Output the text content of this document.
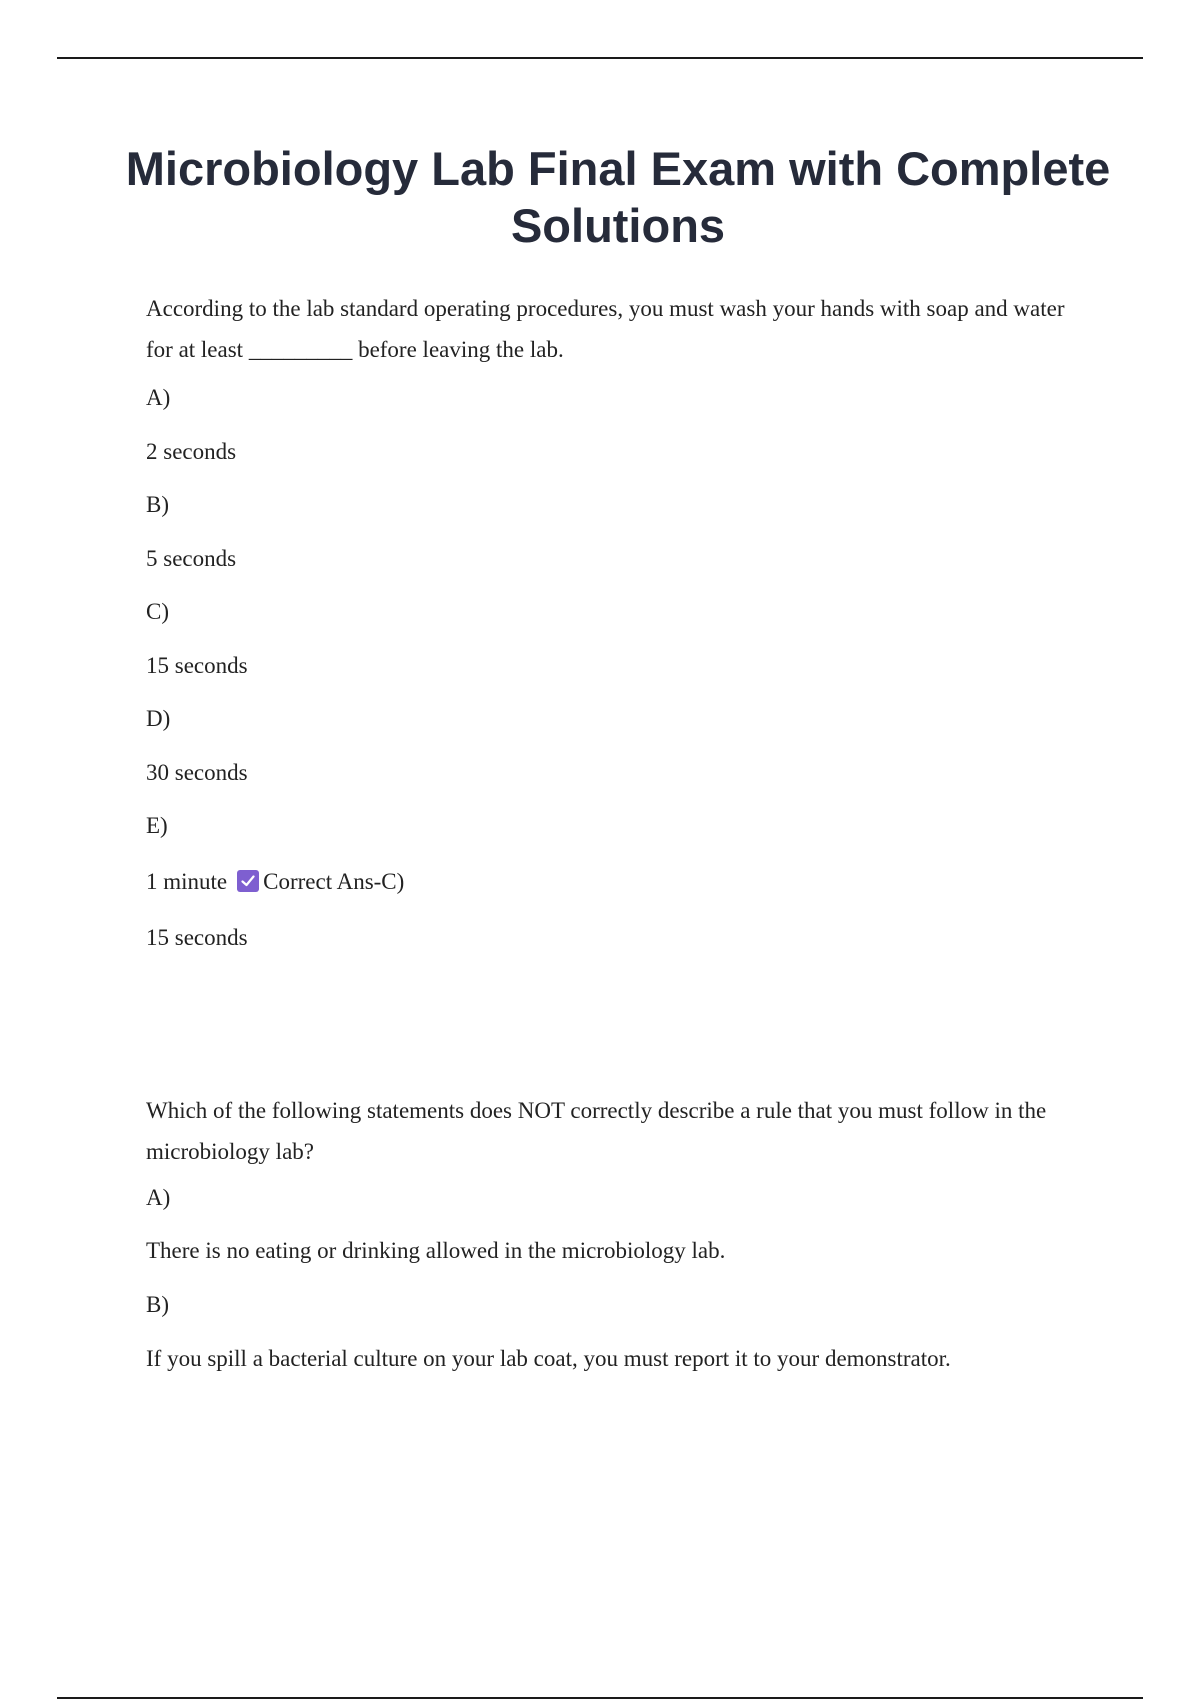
Microbiology Lab Final Exam with Complete Solutions

According to the lab standard operating procedures, you must wash your hands with soap and water for at least _________ before leaving the lab.

A)

2 seconds

B)

5 seconds

C)

15 seconds

D)

30 seconds

E)

1 minute Correct Ans-C)

15 seconds

Which of the following statements does NOT correctly describe a rule that you must follow in the microbiology lab?

A)

There is no eating or drinking allowed in the microbiology lab.

B)

If you spill a bacterial culture on your lab coat, you must report it to your demonstrator.
